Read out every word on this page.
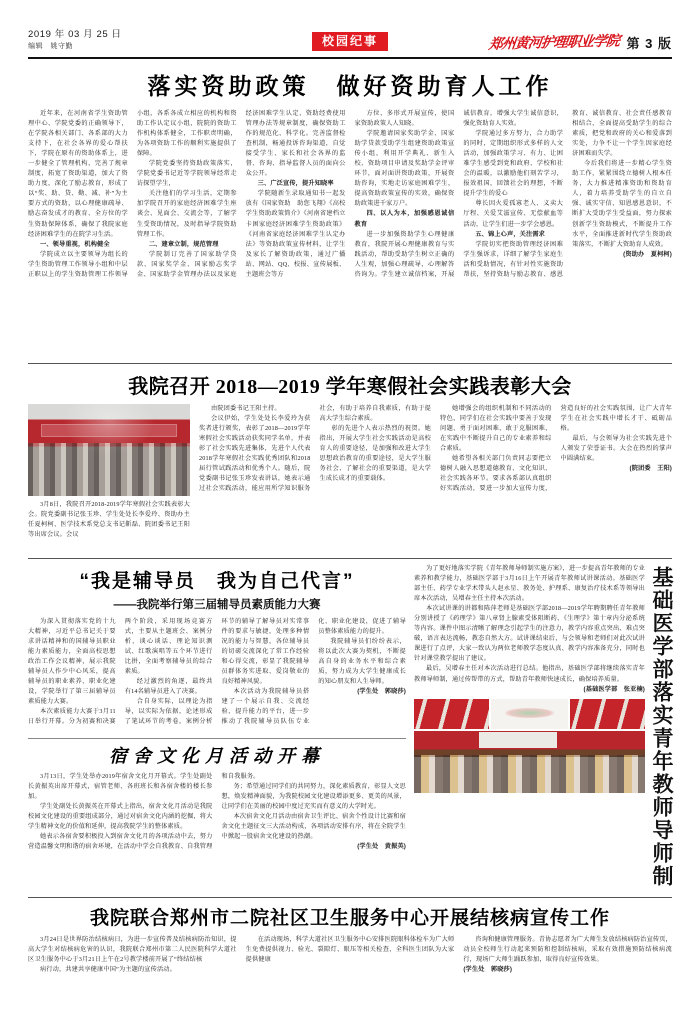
2019 年 03 月 25 日
编辑　姚守勤	校园纪事	郑州黄河护理职业学院 第 3 版
落实资助政策　做好资助育人工作

近年来，在河南省学生资助管理中心、学院党委的正确领导下，在学院各相关部门、各系部的大力支持下，在社会各界的爱心帮扶下，学院在原有的资助体系上，进一步健全了管理机构，完善了规章制度，拓宽了资助渠道，加大了资助力度，深化了励志教育，形成了以“奖、助、贷、勤、减、补”为主要方式的资助，以心理健康疏导、励志奋发成才的教育、全方位的学生资助保障体系，确保了我院家庭经济困难学生的在院学习生活。

一、领导重视，机构健全

学院成立以主要领导为组长的学生资助管理工作领导小组和中层正职以上的学生资助管理工作领导小组，各系各成立相应的机构和资助工作认定议小组，院院的资助工作机构体系健全，工作职责明确，为各项资助工作的顺利实施提供了保障。

学院党委坚持资助政策落实，学院党委书记近等学院领导经常走访探望学生，

关注他们的学习生活，定期参加学院召开的家庭经济困难学生座谈会、见面会、交流会等，了解学生受资助情况，及时指导学院资助管理工作。

二、建章立制，规范管理

学院制订完善了国家助学贷款、国家奖学金、国家励志奖学金、国家助学金管理办法以及家庭经济困难学生认定、资助经费使用管理办法等规章制度，确保资助工作的规范化、科学化。完善监督检查机制，畅通投诉咨询渠道，自觉接受学生、家长和社会各界的监督、咨询、指导监督人员的面向公众公开。

三、广泛宣传，提升知晓率

学院随新生录取通知书一起发放有《国家资助　助您飞翔》《高校学生资助政策简介》《河南省建档立卡困家庭经济困难学生资助政策》《河南省家庭经济困难学生认定办法》等资助政策宣传材料，让学生及家长了解资助政策，通过广播站、网站、QQ、校报、宣传展板、主题班会等方

方位、多形式开展宣传，使国家资助政策人人知晓。

学院邀请国家奖助学金、国家助学贷款受助学生组建资助政策宣传小组，利用开学典礼、新生入校、资助项目申请及奖助学金评审环节，面对面讲资助政策，开展资助咨询，实地走访家庭困难学生，提高资助政策宣传的实效，确保资助政策进千家万户。

四、以人为本，加强感恩诚信教育

进一步加强资助学生心理健康教育，我院开展心理健康教育与实践活动，帮助受助学生树立正确的人生观，加强心理疏导，心理解答咨询为。学生建立诚信档案，开展诚信教育，增强大学生诚信意识，强化资助育人实效。

学院通过多方努力，合力助学的同时，定期组织形式多样的人文活动，加强政策学习、有力、让困难学生感受到党和政府、学校和社会的温暖，以激励他们刻苦学习，报效祖国，回馈社会的理想，不断提升学生的爱心

尊长因火爱孤寡老人、义卖大厅程、关爱艾滋宣传、无偿献血等活动，让学生们进一步学会感恩。

五、锦上心声，关注需求

学院切实把资助管理经济困难学生强诉求，详细了解学生家庭生活和受助情况，有针对性实施资助帮扶，坚持资助与励志教育、感恩教育、诚信教育、社会责任感教育相结合，全面提高受助学生的综合素质，把党和政府的关心和爱落到实处，力争不让一个学生因家庭经济困难而失学。

今后我们将进一步精心学生资助工作，紧紧围绕立德树人根本任务，大力推进精准资助和资助育人，着力培养受助学生的自立自强、诚实守信、知恩感恩意识，不断扩大受助学生受益面，努力探索创新学生资助模式，不断提升工作水平，全面推进新时代学生资助政策落实，不断扩大资助育人成效。

(资助办　夏柯柯)

我院召开 2018—2019 学年寒假社会实践表彰大会

3月8日，我院召开2018-2019学年寒假社会实践表彰大会。院党委副书记张玉珍、学生处处长李爱玲、资助办主任夏柯柯、医学技术系党总支书记靳磊、院团委书记王阳等出席会议。会议

由院团委书记王阳主持。

会议伊始，学生处处长李爱玲为获奖者进行颁奖，表彰了2018—2019学年寒假社会实践活动获奖同学名单，并表彰了社会实践先进集体，先进个人代表2018学年寒假社会实践优秀团队和2018届行管试践活动和优秀个人。随后，院党委副书记张玉珍发表讲话，她表示通过社会实践活动，能应用所学知识服务社会，有助于培养自我素质，有助于提高大学生综合素质。

彰的先进个人表示热烈的祝贺。她指出，开展大学生社会实践活动是高校育人的重要途径，是加强和改进大学生思想政治教育的重要途径，是大学生服务社会、了解社会的重要渠道，是大学生成长成才的重要载体。

她增强会的组织机制和不同活动的特色，同学们在社会实践中要善于发现问题、勇于面对困难、敢于克服困难，在实践中不断提升自己的专业素养和综合素质。

她希望各相关部门负责同志要把立德树人融入思想道德教育、文化知识、社会实践各环节。要求各系部认真组织好实践活动，要进一步加大宣传力度，营造良好的社会实践氛围，让广大青年学生在社会实践中增长才干、砥砺品格。

最后，与会领导为社会实践先进个人颁发了荣誉证书。大会在热烈的掌声中圆满结束。

(院团委　王阳)

“我是辅导员　我为自己代言”
——我院举行第三届辅导员素质能力大赛

为深入贯彻落实党的十九大精神，习近平总书记关于要求讲话精神和的国辅导员职业能力素质能力，全面高校思想政治工作会议精神，展示我院辅导员人作少中心风采，提高辅导员的职业素养、职业化建设，学院举行了第三届辅导员素质能力大赛。

本次素质能力大赛于3月11日举行开幕。分为初赛和决赛两个阶段，采用现场竞赛方式，主要从主题班会、案例分析、谈心谈话、理论知识测试、红歌演唱等五个环节进行比拼，全面考察辅导员的综合素质。

经过激烈的角逐，最终共有14名辅导员进入了决赛。

合自身实际，以理论为指导，以实际为依据，论述形成了笔试环节的考卷，案例分析环节的辅导了解导员对实常事件的要求与敏捷，处理多种情况的能力与智慧，各位辅导员的切磋交流深化了常工作经验和心得交流，彰显了我院辅导员群体务实进取、爱岗敬业的良好精神风貌。

本次活动为我院辅导员搭建了一个展示自我、交流经验、提升能力的平台，进一步推动了我院辅导员队伍专业化、职业化建设，促进了辅导员整体素质能力的提升。

我院辅导员们纷纷表示，将以此次大赛为契机，不断提高自身的业务水平和综合素质，努力成为大学生健康成长的知心朋友和人生导师。

(学生处　郭晓莎)

宿舍文化月活动开幕

3月13日，学生处举办2019年宿舍文化月开幕式。学生处副处长黄振英出席开幕式，宿管老师、各班班长和各宿舍楼的楼长参加。

学生处副处长黄振英在开幕式上指出，宿舍文化月活动是我院校园文化建设的重要组成部分，通过对宿舍文化内涵的挖掘，将大学生精神文化的价值和延伸，提高我院学生的整体素质。

她表示各宿舍要积极投入到宿舍文化月的各项活动中去，努力营造温馨文明和谐的宿舍环境，在活动中学会自我教育、自我管理和自我服务。

务；希望通过同学们的共同努力，深化素质教育，彰显人文思想，焕发精神面貌，为我院校园文化建设增添更多、更美的风景，让同学们在美丽的校园中度过充实而有意义的大学时光。

本次宿舍文化月活动由宿舍卫生评比、宿舍个性设计比赛和宿舍文化主题征文三大活动构成，各项活动安排有序，将在全院学生中掀起一股宿舍文化建设的热潮。

(学生处　黄振英)

为了更好地落实学院《青年教师导师制实施方案》，进一步提高青年教师的专业素养和教学能力，基础医学部于3月16日上午开展青年教师试讲课活动。基础医学部主任、药学专业学术带头人赵永星、教务处、护理系、康复治疗技术系等领导出席本次活动，吴增春主任主持本次活动。

本次试讲课的讲都和陈萍老师是基础医学部2018—2019学年聘期聘任青年教师分别讲授了《药理学》第八章肾上腺素受体阻断药、《生理学》第十章内分泌系统等内容。课件中图示清晰了解理念引起学生的注意力，教学内容重点突出、难点突破，语言表达流畅，教态自然大方。试讲课结束后，与会领导和老师们对此次试讲课进行了点评，大家一致认为两位老师教学态度认真、教学内容准备充分，同时也针对课堂教学提出了建议。

最后，吴增春主任对本次活动进行总结。他指出，基础医学部将继续落实青年教师导师制，通过传帮带的方式，帮助青年教师快速成长，确保培养质量。

(基础医学部　张亚楠) 基础医学部落实青年教师导师制
我院联合郑州市二院社区卫生服务中心开展结核病宣传工作

3月24日是世界防治结核病日，为进一步宣传普及结核病防治知识，提高大学生对结核病危害的认识，我院联合郑州市第二人民医院科学大道社区卫生服务中心于3月21日上午在2号教学楼前开展了“终结结核

病行动，共建共享健康中国”为主题的宣传活动。

在活动现场，科学大道社区卫生服务中心安排医院眼科体检车为广大师生免费提供视力、验光、裂隙灯、眼压等相关检查，全科医生团队为大家提供健康

咨询和健康管理服务。青协志愿者为广大师生发放结核病防治宣传页，动员全校师生行动起来预防和控制结核病，采取有效措施预防结核病流行，现场广大师生踊跃参加，取得良好宣传效果。

(学生处　郭晓莎)
